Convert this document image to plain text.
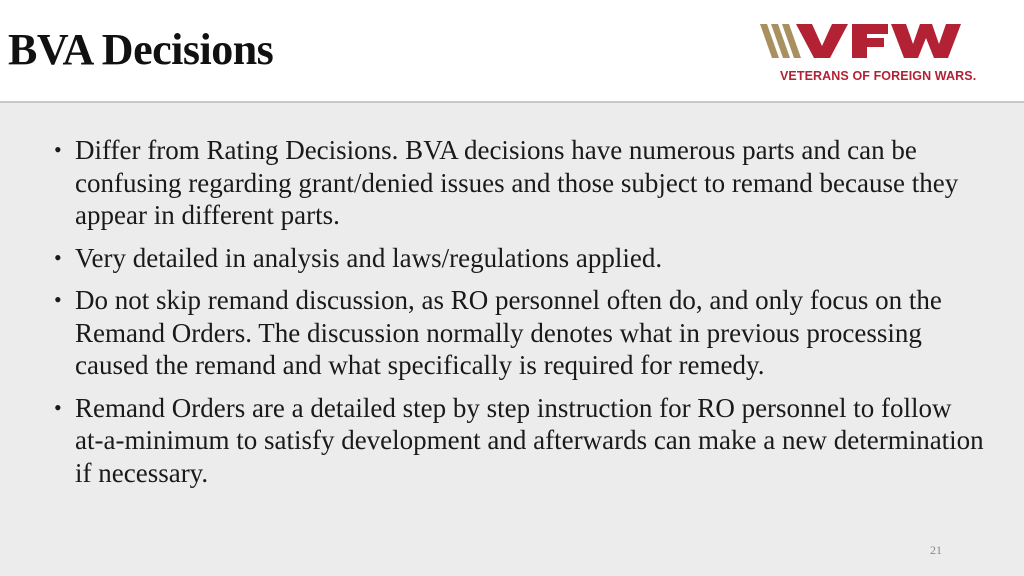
BVA Decisions
VETERANS OF FOREIGN WARS.
• Differ from Rating Decisions. BVA decisions have numerous parts and can be confusing regarding grant/denied issues and those subject to remand because they appear in different parts.
• Very detailed in analysis and laws/regulations applied.
• Do not skip remand discussion, as RO personnel often do, and only focus on the Remand Orders. The discussion normally denotes what in previous processing caused the remand and what specifically is required for remedy.
• Remand Orders are a detailed step by step instruction for RO personnel to follow at-a-minimum to satisfy development and afterwards can make a new determination if necessary.
21
